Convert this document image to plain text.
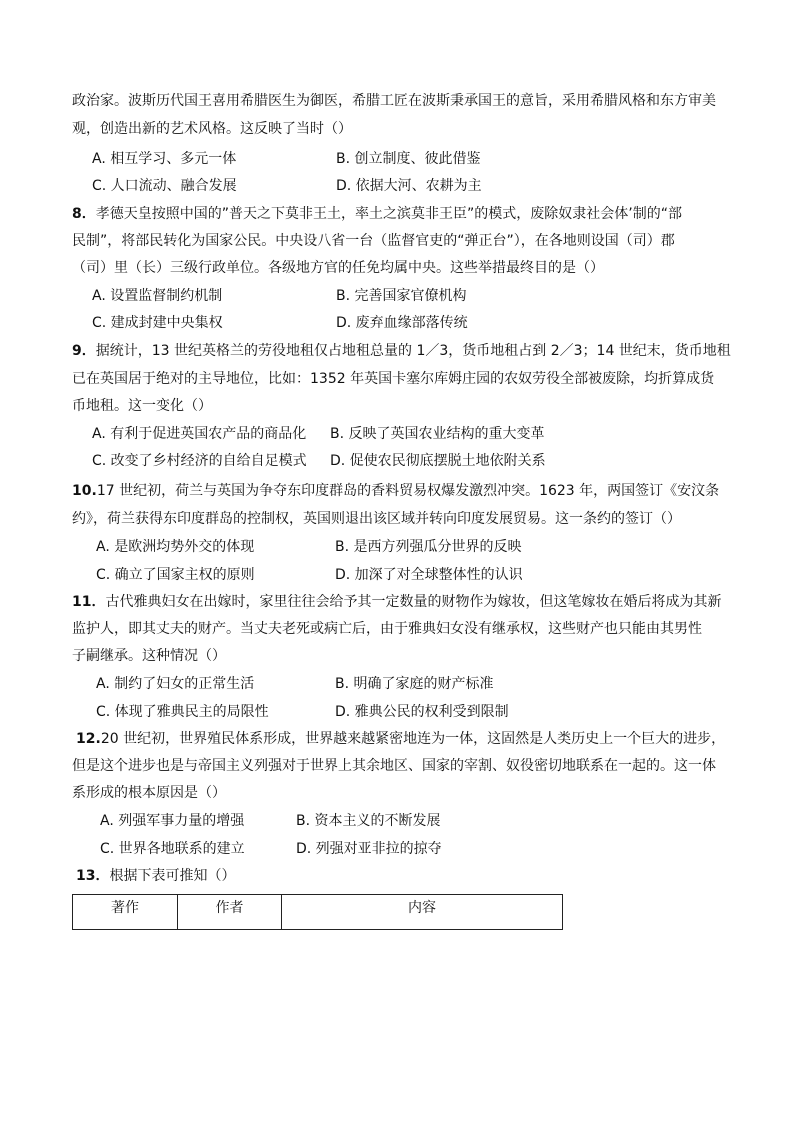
政治家。波斯历代国王喜用希腊医生为御医，希腊工匠在波斯秉承国王的意旨，采用希腊风格和东方审美
观，创造出新的艺术风格。这反映了当时（）
A. 相互学习、多元一体	B. 创立制度、彼此借鉴
C. 人口流动、融合发展	D. 依据大河、农耕为主
8．孝德天皇按照中国的”普天之下莫非王土，率土之滨莫非王臣”的模式，废除奴隶社会体’制的“部
民制”，将部民转化为国家公民。中央设八省一台（监督官吏的“弹正台”），在各地则设国（司）郡
（司）里（长）三级行政单位。各级地方官的任免均属中央。这些举措最终目的是（）
A. 设置监督制约机制	B. 完善国家官僚机构
C. 建成封建中央集权	D. 废弃血缘部落传统
9．据统计，13 世纪英格兰的劳役地租仅占地租总量的 1／3，货币地租占到 2／3；14 世纪末，货币地租
已在英国居于绝对的主导地位，比如：1352 年英国卡塞尔库姆庄园的农奴劳役全部被废除，均折算成货
币地租。这一变化（）
A. 有利于促进英国农产品的商品化 B. 反映了英国农业结构的重大变革
C. 改变了乡村经济的自给自足模式 D. 促使农民彻底摆脱土地依附关系
10.17 世纪初，荷兰与英国为争夺东印度群岛的香料贸易权爆发激烈冲突。1623 年，两国签订《安汶条
约》，荷兰获得东印度群岛的控制权，英国则退出该区域并转向印度发展贸易。这一条约的签订（）
A. 是欧洲均势外交的体现	B. 是西方列强瓜分世界的反映
C. 确立了国家主权的原则	D. 加深了对全球整体性的认识
11．古代雅典妇女在出嫁时，家里往往会给予其一定数量的财物作为嫁妆，但这笔嫁妆在婚后将成为其新
监护人，即其丈夫的财产。当丈夫老死或病亡后，由于雅典妇女没有继承权，这些财产也只能由其男性
子嗣继承。这种情况（）
A. 制约了妇女的正常生活	B. 明确了家庭的财产标准
C. 体现了雅典民主的局限性	D. 雅典公民的权利受到限制
12.20 世纪初，世界殖民体系形成，世界越来越紧密地连为一体，这固然是人类历史上一个巨大的进步，
但是这个进步也是与帝国主义列强对于世界上其余地区、国家的宰割、奴役密切地联系在一起的。这一体
系形成的根本原因是（）
A. 列强军事力量的增强	B. 资本主义的不断发展
C. 世界各地联系的建立	D. 列强对亚非拉的掠夺
13．根据下表可推知（）
著作	作者	内容
